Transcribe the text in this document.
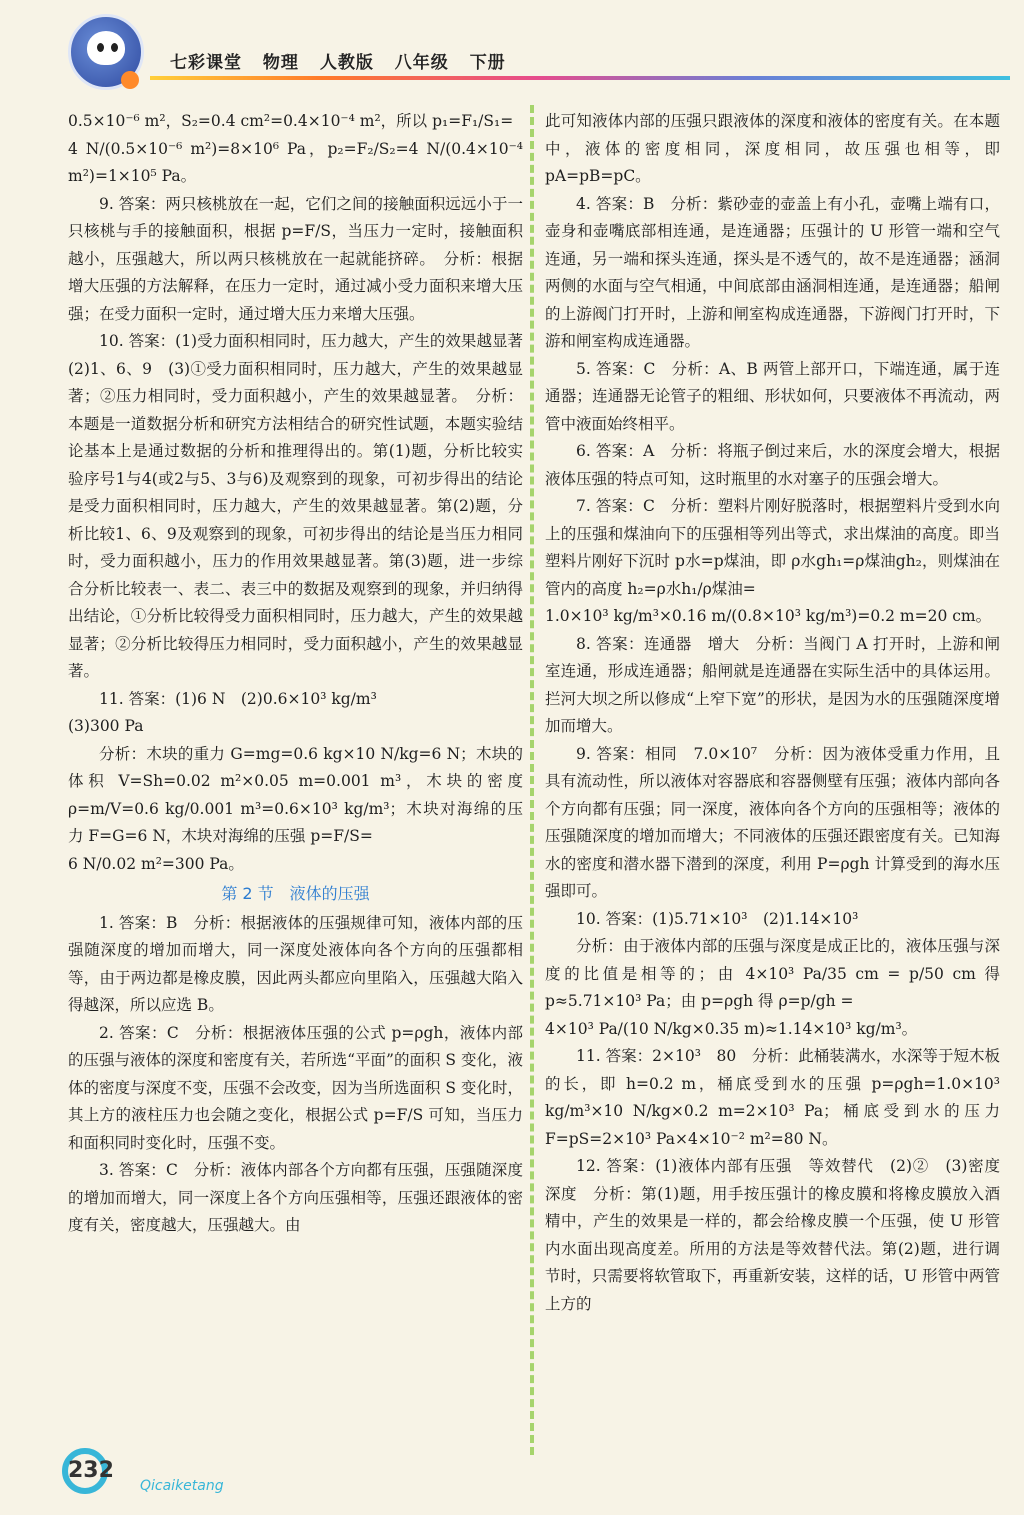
七彩课堂 物理 人教版 八年级 下册

0.5×10⁻⁶ m²，S₂=0.4 cm²=0.4×10⁻⁴ m²，所以 p₁=F₁/S₁=

4 N/(0.5×10⁻⁶ m²)=8×10⁶ Pa，p₂=F₂/S₂=4 N/(0.4×10⁻⁴ m²)=1×10⁵ Pa。

9. 答案：两只核桃放在一起，它们之间的接触面积远远小于一只核桃与手的接触面积，根据 p=F/S，当压力一定时，接触面积越小，压强越大，所以两只核桃放在一起就能挤碎。　分析：根据增大压强的方法解释，在压力一定时，通过减小受力面积来增大压强；在受力面积一定时，通过增大压力来增大压强。

10. 答案：(1)受力面积相同时，压力越大，产生的效果越显著　(2)1、6、9　(3)①受力面积相同时，压力越大，产生的效果越显著；②压力相同时，受力面积越小，产生的效果越显著。　分析：本题是一道数据分析和研究方法相结合的研究性试题，本题实验结论基本上是通过数据的分析和推理得出的。第(1)题，分析比较实验序号1与4(或2与5、3与6)及观察到的现象，可初步得出的结论是受力面积相同时，压力越大，产生的效果越显著。第(2)题，分析比较1、6、9及观察到的现象，可初步得出的结论是当压力相同时，受力面积越小，压力的作用效果越显著。第(3)题，进一步综合分析比较表一、表二、表三中的数据及观察到的现象，并归纳得出结论，①分析比较得受力面积相同时，压力越大，产生的效果越显著；②分析比较得压力相同时，受力面积越小，产生的效果越显著。

11. 答案：(1)6 N　(2)0.6×10³ kg/m³

(3)300 Pa

分析：木块的重力 G=mg=0.6 kg×10 N/kg=6 N；木块的体积 V=Sh=0.02 m²×0.05 m=0.001 m³，木块的密度 ρ=m/V=0.6 kg/0.001 m³=0.6×10³ kg/m³；木块对海绵的压力 F=G=6 N，木块对海绵的压强 p=F/S=

6 N/0.02 m²=300 Pa。

第 2 节　液体的压强

1. 答案：B　分析：根据液体的压强规律可知，液体内部的压强随深度的增加而增大，同一深度处液体向各个方向的压强都相等，由于两边都是橡皮膜，因此两头都应向里陷入，压强越大陷入得越深，所以应选 B。

2. 答案：C　分析：根据液体压强的公式 p=ρgh，液体内部的压强与液体的深度和密度有关，若所选“平面”的面积 S 变化，液体的密度与深度不变，压强不会改变，因为当所选面积 S 变化时，其上方的液柱压力也会随之变化，根据公式 p=F/S 可知，当压力和面积同时变化时，压强不变。

3. 答案：C　分析：液体内部各个方向都有压强，压强随深度的增加而增大，同一深度上各个方向压强相等，压强还跟液体的密度有关，密度越大，压强越大。由

此可知液体内部的压强只跟液体的深度和液体的密度有关。在本题中，液体的密度相同，深度相同，故压强也相等，即 pA=pB=pC。

4. 答案：B　分析：紫砂壶的壶盖上有小孔，壶嘴上端有口，壶身和壶嘴底部相连通，是连通器；压强计的 U 形管一端和空气连通，另一端和探头连通，探头是不透气的，故不是连通器；涵洞两侧的水面与空气相通，中间底部由涵洞相连通，是连通器；船闸的上游阀门打开时，上游和闸室构成连通器，下游阀门打开时，下游和闸室构成连通器。

5. 答案：C　分析：A、B 两管上部开口，下端连通，属于连通器；连通器无论管子的粗细、形状如何，只要液体不再流动，两管中液面始终相平。

6. 答案：A　分析：将瓶子倒过来后，水的深度会增大，根据液体压强的特点可知，这时瓶里的水对塞子的压强会增大。

7. 答案：C　分析：塑料片刚好脱落时，根据塑料片受到水向上的压强和煤油向下的压强相等列出等式，求出煤油的高度。即当塑料片刚好下沉时 p水=p煤油，即 ρ水gh₁=ρ煤油gh₂，则煤油在管内的高度 h₂=ρ水h₁/ρ煤油=

1.0×10³ kg/m³×0.16 m/(0.8×10³ kg/m³)=0.2 m=20 cm。

8. 答案：连通器　增大　分析：当阀门 A 打开时，上游和闸室连通，形成连通器；船闸就是连通器在实际生活中的具体运用。拦河大坝之所以修成“上窄下宽”的形状，是因为水的压强随深度增加而增大。

9. 答案：相同　7.0×10⁷　分析：因为液体受重力作用，且具有流动性，所以液体对容器底和容器侧壁有压强；液体内部向各个方向都有压强；同一深度，液体向各个方向的压强相等；液体的压强随深度的增加而增大；不同液体的压强还跟密度有关。已知海水的密度和潜水器下潜到的深度，利用 P=ρgh 计算受到的海水压强即可。

10. 答案：(1)5.71×10³　(2)1.14×10³

分析：由于液体内部的压强与深度是成正比的，液体压强与深度的比值是相等的；由 4×10³ Pa/35 cm = p/50 cm 得 p≈5.71×10³ Pa；由 p=ρgh 得 ρ=p/gh =

4×10³ Pa/(10 N/kg×0.35 m)≈1.14×10³ kg/m³。

11. 答案：2×10³　80　分析：此桶装满水，水深等于短木板的长，即 h=0.2 m，桶底受到水的压强 p=ρgh=1.0×10³ kg/m³×10 N/kg×0.2 m=2×10³ Pa；桶底受到水的压力 F=pS=2×10³ Pa×4×10⁻² m²=80 N。

12. 答案：(1)液体内部有压强　等效替代　(2)②　(3)密度　深度　分析：第(1)题，用手按压强计的橡皮膜和将橡皮膜放入酒精中，产生的效果是一样的，都会给橡皮膜一个压强，使 U 形管内水面出现高度差。所用的方法是等效替代法。第(2)题，进行调节时，只需要将软管取下，再重新安装，这样的话，U 形管中两管上方的

232
Qicaiketang
